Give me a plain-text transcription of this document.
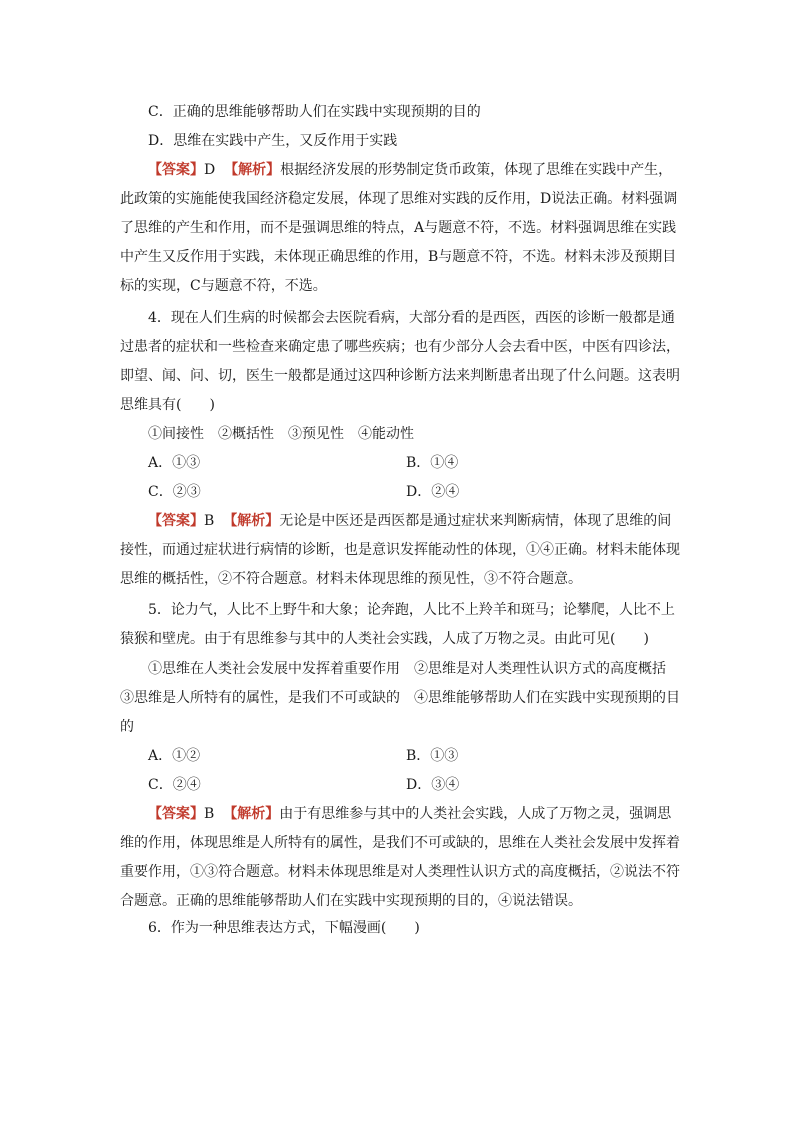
C．正确的思维能够帮助人们在实践中实现预期的目的
D．思维在实践中产生，又反作用于实践
【答案】D 【解析】根据经济发展的形势制定货币政策，体现了思维在实践中产生，
此政策的实施能使我国经济稳定发展，体现了思维对实践的反作用，D说法正确。材料强调
了思维的产生和作用，而不是强调思维的特点，A与题意不符，不选。材料强调思维在实践
中产生又反作用于实践，未体现正确思维的作用，B与题意不符，不选。材料未涉及预期目
标的实现，C与题意不符，不选。
4．现在人们生病的时候都会去医院看病，大部分看的是西医，西医的诊断一般都是通
过患者的症状和一些检查来确定患了哪些疾病；也有少部分人会去看中医，中医有四诊法，
即望、闻、问、切，医生一般都是通过这四种诊断方法来判断患者出现了什么问题。这表明
思维具有(　　)
①间接性　②概括性　③预见性　④能动性
A．①③	B．①④
C．②③	D．②④
【答案】B 【解析】无论是中医还是西医都是通过症状来判断病情，体现了思维的间
接性，而通过症状进行病情的诊断，也是意识发挥能动性的体现，①④正确。材料未能体现
思维的概括性，②不符合题意。材料未体现思维的预见性，③不符合题意。
5．论力气，人比不上野牛和大象；论奔跑，人比不上羚羊和斑马；论攀爬，人比不上
猿猴和壁虎。由于有思维参与其中的人类社会实践，人成了万物之灵。由此可见(　　)
①思维在人类社会发展中发挥着重要作用　②思维是对人类理性认识方式的高度概括
③思维是人所特有的属性，是我们不可或缺的　④思维能够帮助人们在实践中实现预期的目
的
A．①②	B．①③
C．②④	D．③④
【答案】B 【解析】由于有思维参与其中的人类社会实践，人成了万物之灵，强调思
维的作用，体现思维是人所特有的属性，是我们不可或缺的，思维在人类社会发展中发挥着
重要作用，①③符合题意。材料未体现思维是对人类理性认识方式的高度概括，②说法不符
合题意。正确的思维能够帮助人们在实践中实现预期的目的，④说法错误。
6．作为一种思维表达方式，下幅漫画(　　)
